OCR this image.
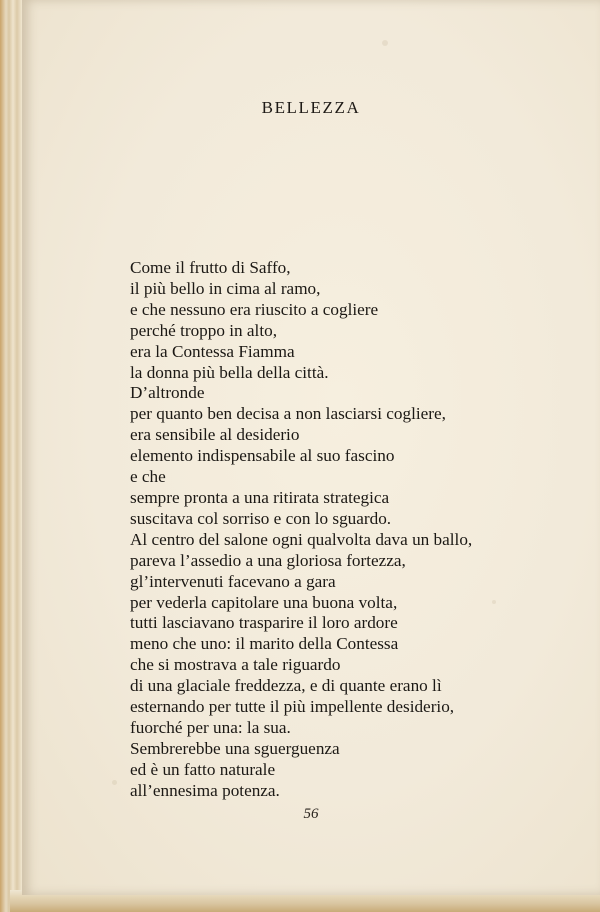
BELLEZZA
Come il frutto di Saffo,
il più bello in cima al ramo,
e che nessuno era riuscito a cogliere
perché troppo in alto,
era la Contessa Fiamma
la donna più bella della città.
D’altronde
per quanto ben decisa a non lasciarsi cogliere,
era sensibile al desiderio
elemento indispensabile al suo fascino
e che
sempre pronta a una ritirata strategica
suscitava col sorriso e con lo sguardo.
Al centro del salone ogni qualvolta dava un ballo,
pareva l’assedio a una gloriosa fortezza,
gl’intervenuti facevano a gara
per vederla capitolare una buona volta,
tutti lasciavano trasparire il loro ardore
meno che uno: il marito della Contessa
che si mostrava a tale riguardo
di una glaciale freddezza, e di quante erano lì
esternando per tutte il più impellente desiderio,
fuorché per una: la sua.
Sembrerebbe una sguerguenza
ed è un fatto naturale
all’ennesima potenza.
56
